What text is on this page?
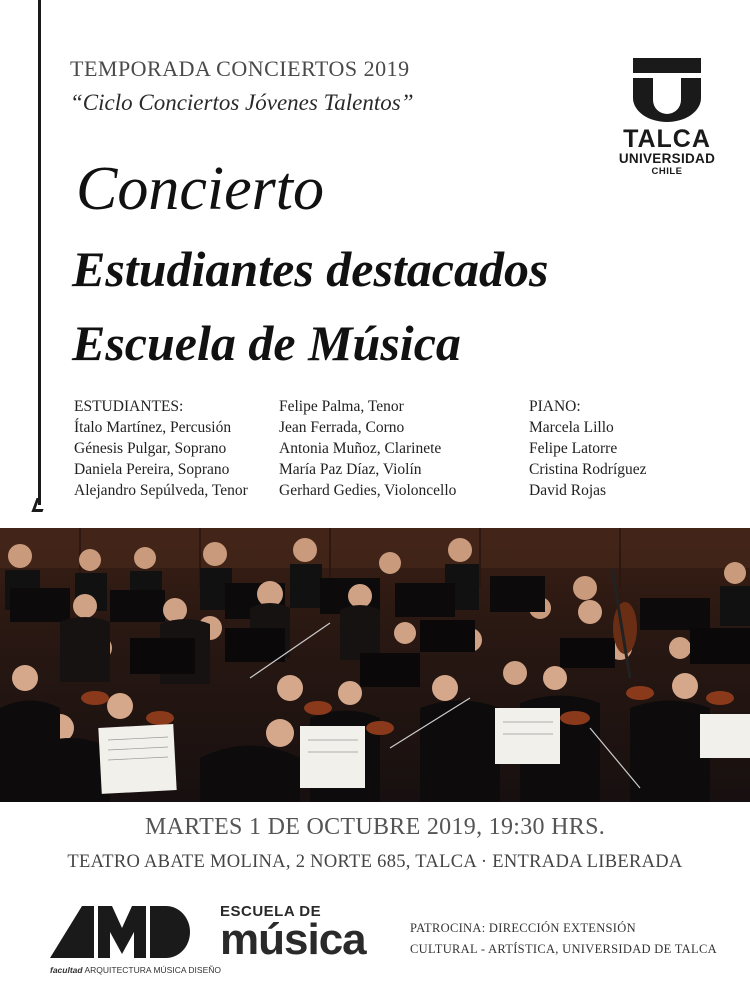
TEMPORADA CONCIERTOS 2019
“Ciclo Conciertos Jóvenes Talentos”
Concierto
Estudiantes destacados
Escuela de Música
TALCA
UNIVERSIDAD
CHILE
ESTUDIANTES:
Ítalo Martínez, Percusión
Génesis Pulgar, Soprano
Daniela Pereira, Soprano
Alejandro Sepúlveda, Tenor
Felipe Palma, Tenor
Jean Ferrada, Corno
Antonia Muñoz, Clarinete
María Paz Díaz, Violín
Gerhard Gedies, Violoncello
PIANO:
Marcela Lillo
Felipe Latorre
Cristina Rodríguez
David Rojas
MARTES 1 DE OCTUBRE 2019, 19:30 HRS.
TEATRO ABATE MOLINA, 2 NORTE 685, TALCA · ENTRADA LIBERADA
facultad ARQUITECTURA MÚSICA DISEÑO
ESCUELA DE
música	PATROCINA: DIRECCIÓN EXTENSIÓN
CULTURAL - ARTÍSTICA, UNIVERSIDAD DE TALCA
